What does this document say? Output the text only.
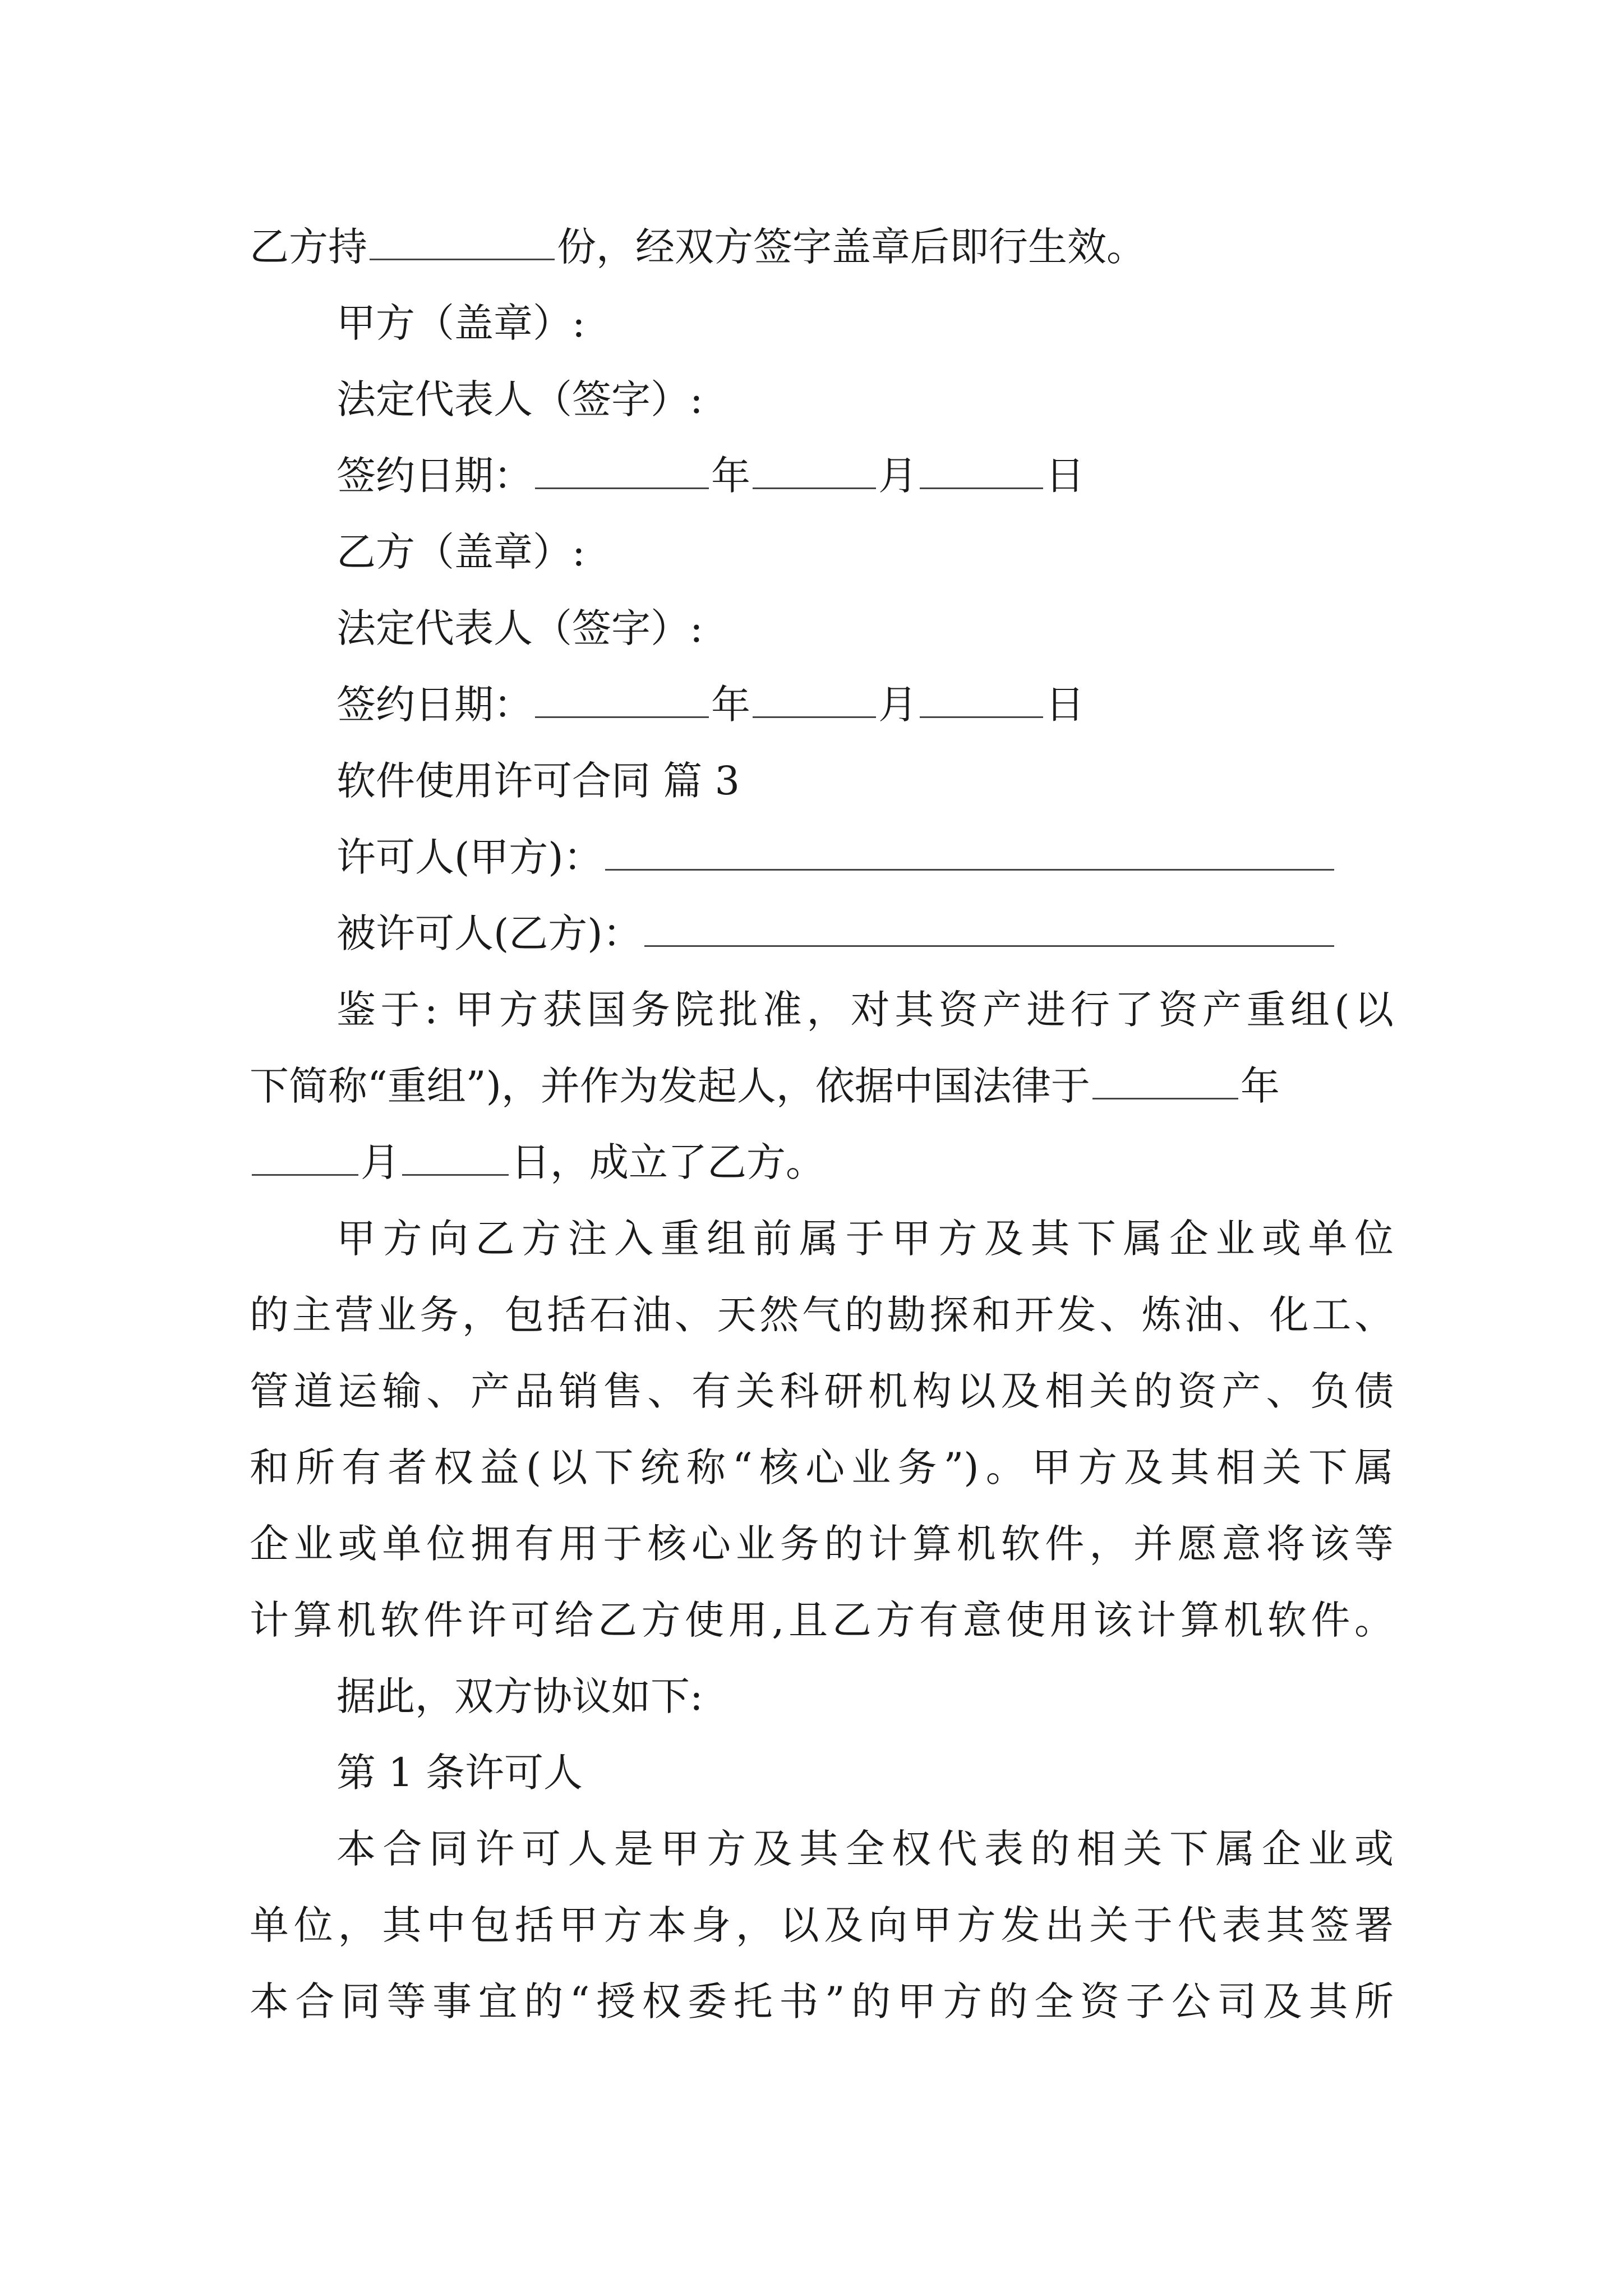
乙方持	份，经双方签字盖章后即行生效。
甲方（盖章）:
法定代表人（签字）:
签约日期：	年	月	日
乙方（盖章）:
法定代表人（签字）:
签约日期：	年	月	日
软件使用许可合同 篇 3
许可人(甲方)：
被许可人(乙方)：
鉴于: 甲方获国务院批准，对其资产进行了资产重组(以
下简称“重组”)，并作为发起人，依据中国法律于	年
月	日，成立了乙方。
甲方向乙方注入重组前属于甲方及其下属企业或单位
的主营业务，包括石油、天然气的勘探和开发、炼油、化工、
管道运输、产品销售、有关科研机构以及相关的资产、负债
和所有者权益(以下统称“核心业务”)。甲方及其相关下属
企业或单位拥有用于核心业务的计算机软件，并愿意将该等
计算机软件许可给乙方使用,且乙方有意使用该计算机软件。
据此，双方协议如下:
第 1 条许可人
本合同许可人是甲方及其全权代表的相关下属企业或
单位，其中包括甲方本身，以及向甲方发出关于代表其签署
本合同等事宜的“授权委托书”的甲方的全资子公司及其所
